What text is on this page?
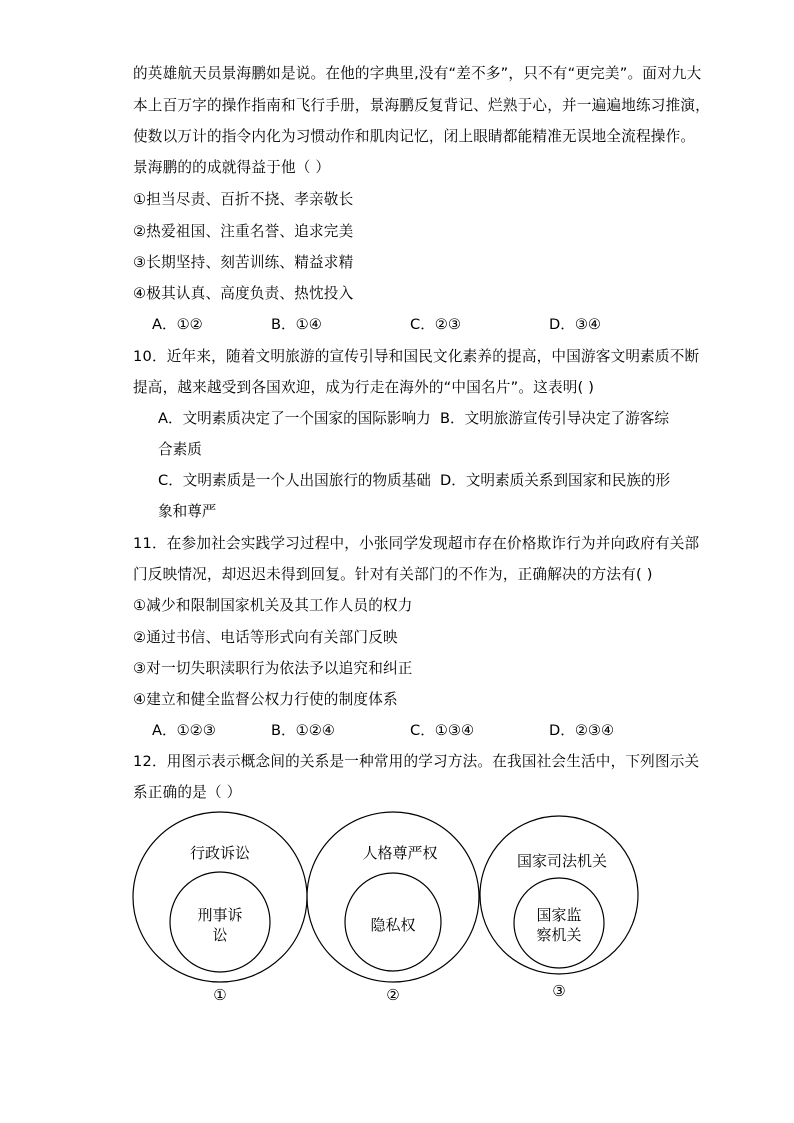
的英雄航天员景海鹏如是说。在他的字典里,没有“差不多”，只不有“更完美”。面对九大
本上百万字的操作指南和飞行手册，景海鹏反复背记、烂熟于心，并一遍遍地练习推演，
使数以万计的指令内化为习惯动作和肌肉记忆，闭上眼睛都能精准无误地全流程操作。
景海鹏的的成就得益于他（ ）
①担当尽责、百折不挠、孝亲敬长
②热爱祖国、注重名誉、追求完美
③长期坚持、刻苦训练、精益求精
④极其认真、高度负责、热忱投入
A．①②	B．①④	C．②③	D．③④
10．近年来，随着文明旅游的宣传引导和国民文化素养的提高，中国游客文明素质不断
提高，越来越受到各国欢迎，成为行走在海外的“中国名片”。这表明( )
A．文明素质决定了一个国家的国际影响力 B．文明旅游宣传引导决定了游客综
合素质
C．文明素质是一个人出国旅行的物质基础 D．文明素质关系到国家和民族的形
象和尊严
11．在参加社会实践学习过程中，小张同学发现超市存在价格欺诈行为并向政府有关部
门反映情况，却迟迟未得到回复。针对有关部门的不作为，正确解决的方法有( )
①减少和限制国家机关及其工作人员的权力
②通过书信、电话等形式向有关部门反映
③对一切失职渎职行为依法予以追究和纠正
④建立和健全监督公权力行使的制度体系
A．①②③	B．①②④	C．①③④	D．②③④
12．用图示表示概念间的关系是一种常用的学习方法。在我国社会生活中，下列图示关
系正确的是（ ）
行政诉讼
刑事诉
讼
①
人格尊严权
隐私权
②
国家司法机关
国家监
察机关
③
